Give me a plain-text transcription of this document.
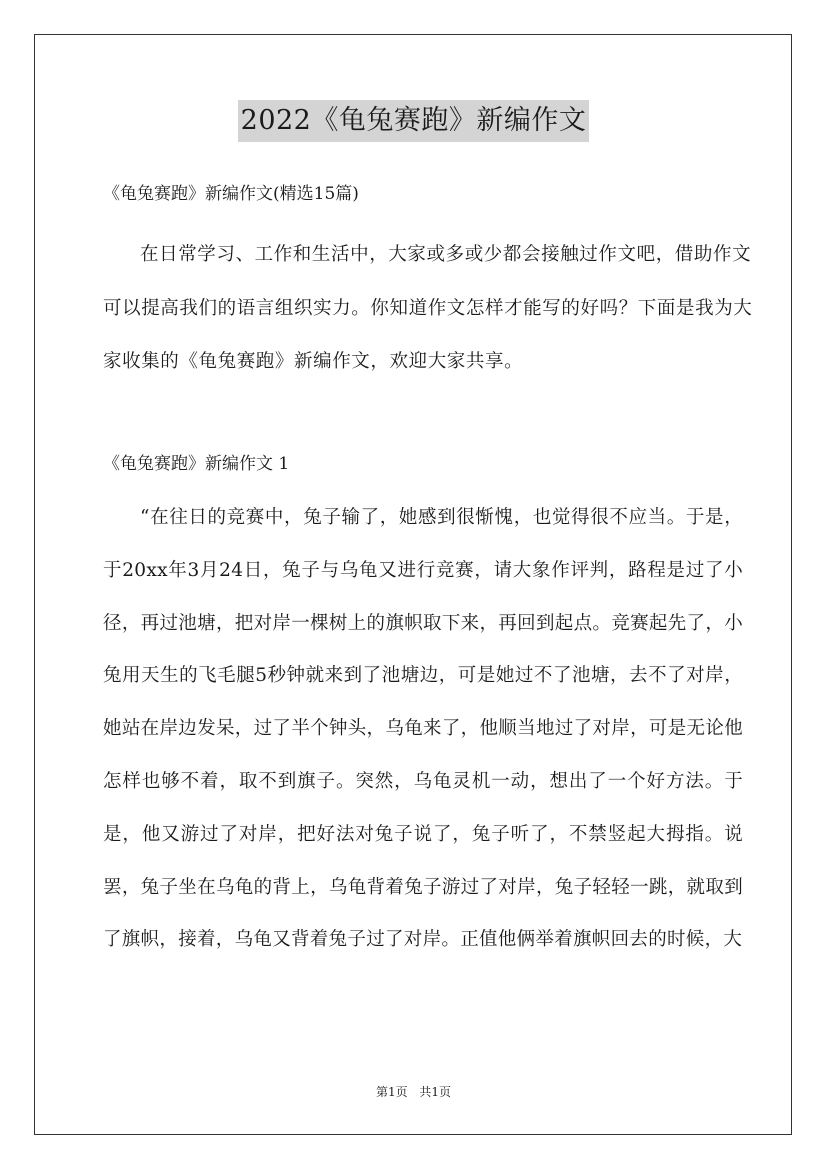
2022《龟兔赛跑》新编作文
《龟兔赛跑》新编作文(精选15篇)

在日常学习、工作和生活中，大家或多或少都会接触过作文吧，借助作文可以提高我们的语言组织实力。你知道作文怎样才能写的好吗？下面是我为大家收集的《龟兔赛跑》新编作文，欢迎大家共享。

《龟兔赛跑》新编作文 1

“在往日的竞赛中，兔子输了，她感到很惭愧，也觉得很不应当。于是，于20xx年3月24日，兔子与乌龟又进行竞赛，请大象作评判，路程是过了小径，再过池塘，把对岸一棵树上的旗帜取下来，再回到起点。竞赛起先了，小兔用天生的飞毛腿5秒钟就来到了池塘边，可是她过不了池塘，去不了对岸，她站在岸边发呆，过了半个钟头，乌龟来了，他顺当地过了对岸，可是无论他怎样也够不着，取不到旗子。突然，乌龟灵机一动，想出了一个好方法。于是，他又游过了对岸，把好法对兔子说了，兔子听了，不禁竖起大拇指。说罢，兔子坐在乌龟的背上，乌龟背着兔子游过了对岸，兔子轻轻一跳，就取到了旗帜，接着，乌龟又背着兔子过了对岸。正值他俩举着旗帜回去的时候，大

第1页 共1页
